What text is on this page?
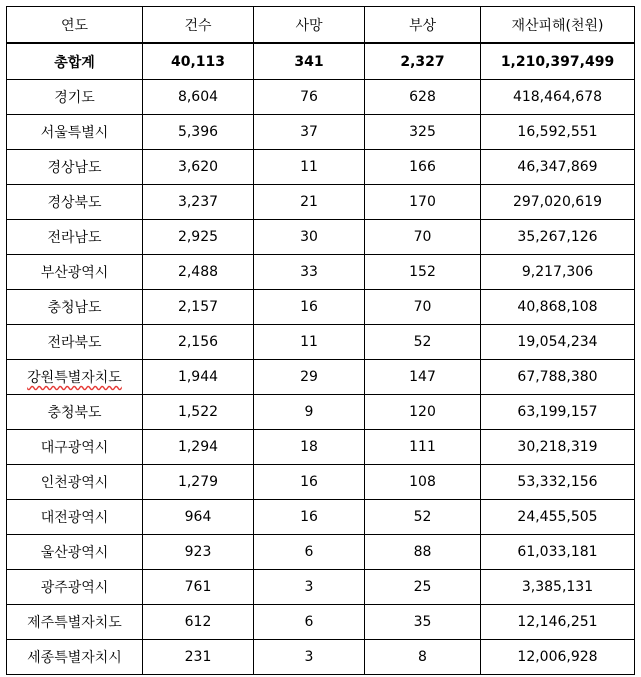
연도	건수	사망	부상	재산피해(천원)
총합계	40,113	341	2,327	1,210,397,499
경기도	8,604	76	628	418,464,678
서울특별시	5,396	37	325	16,592,551
경상남도	3,620	11	166	46,347,869
경상북도	3,237	21	170	297,020,619
전라남도	2,925	30	70	35,267,126
부산광역시	2,488	33	152	9,217,306
충청남도	2,157	16	70	40,868,108
전라북도	2,156	11	52	19,054,234
강원특별자치도	1,944	29	147	67,788,380
충청북도	1,522	9	120	63,199,157
대구광역시	1,294	18	111	30,218,319
인천광역시	1,279	16	108	53,332,156
대전광역시	964	16	52	24,455,505
울산광역시	923	6	88	61,033,181
광주광역시	761	3	25	3,385,131
제주특별자치도	612	6	35	12,146,251
세종특별자치시	231	3	8	12,006,928
